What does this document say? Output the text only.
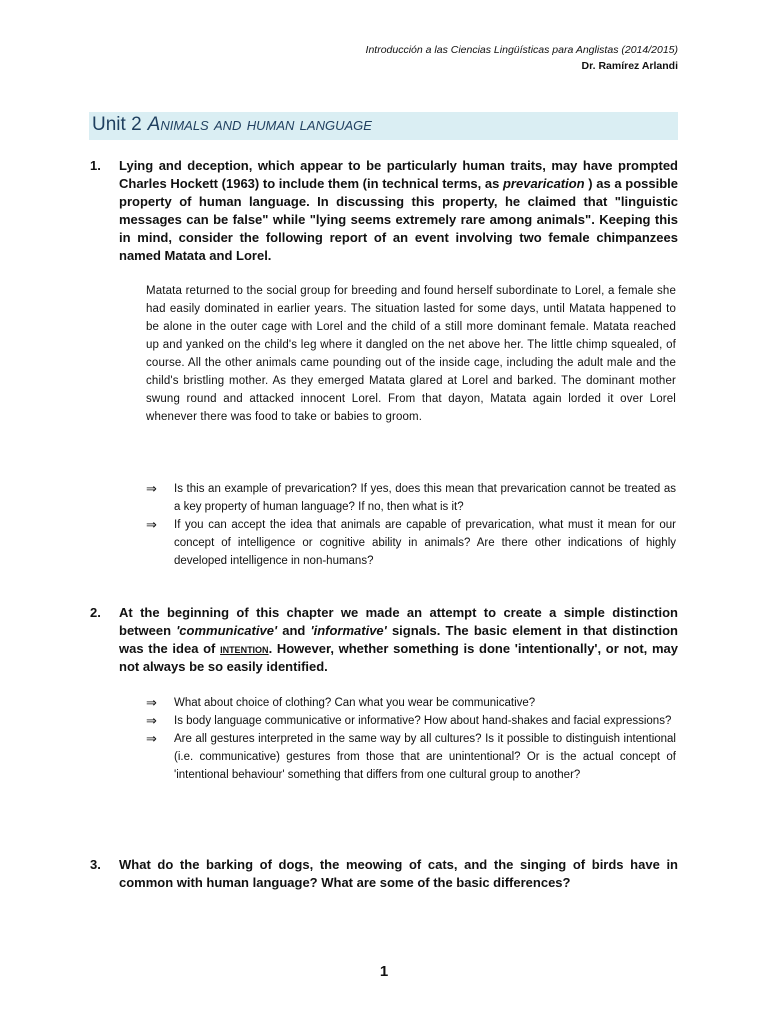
Introducción a las Ciencias Lingüísticas para Anglistas (2014/2015)
Dr. Ramírez Arlandi
Unit 2 Animals and human language
1. Lying and deception, which appear to be particularly human traits, may have prompted Charles Hockett (1963) to include them (in technical terms, as prevarication ) as a possible property of human language. In discussing this property, he claimed that "linguistic messages can be false" while "lying seems extremely rare among animals". Keeping this in mind, consider the following report of an event involving two female chimpanzees named Matata and Lorel.
Matata returned to the social group for breeding and found herself subordinate to Lorel, a female she had easily dominated in earlier years. The situation lasted for some days, until Matata happened to be alone in the outer cage with Lorel and the child of a still more dominant female. Matata reached up and yanked on the child's leg where it dangled on the net above her. The little chimp squealed, of course. All the other animals came pounding out of the inside cage, including the adult male and the child's bristling mother. As they emerged Matata glared at Lorel and barked. The dominant mother swung round and attacked innocent Lorel. From that dayon, Matata again lorded it over Lorel whenever there was food to take or babies to groom.
⇒ Is this an example of prevarication? If yes, does this mean that prevarication cannot be treated as a key property of human language? If no, then what is it?
⇒ If you can accept the idea that animals are capable of prevarication, what must it mean for our concept of intelligence or cognitive ability in animals? Are there other indications of highly developed intelligence in non-humans?
2. At the beginning of this chapter we made an attempt to create a simple distinction between 'communicative' and 'informative' signals. The basic element in that distinction was the idea of intention. However, whether something is done 'intentionally', or not, may not always be so easily identified.
⇒ What about choice of clothing? Can what you wear be communicative?
⇒ Is body language communicative or informative? How about hand-shakes and facial expressions?
⇒ Are all gestures interpreted in the same way by all cultures? Is it possible to distinguish intentional (i.e. communicative) gestures from those that are unintentional? Or is the actual concept of 'intentional behaviour' something that differs from one cultural group to another?
3. What do the barking of dogs, the meowing of cats, and the singing of birds have in common with human language? What are some of the basic differences?
1
